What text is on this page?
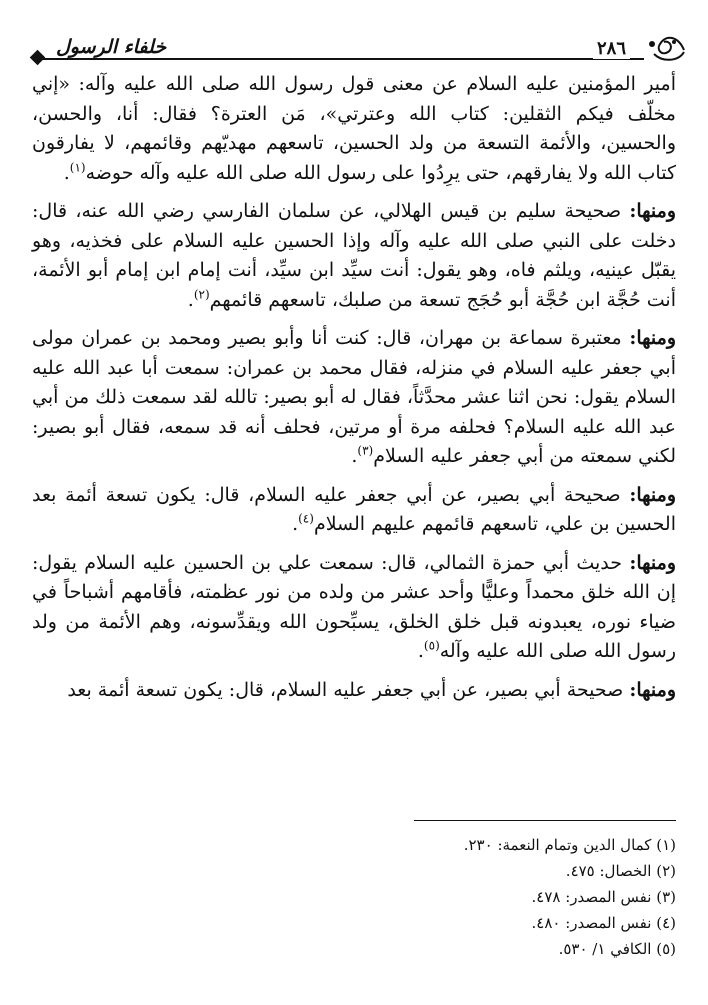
خلفاء الرسول	٢٨٦

أمير المؤمنين عليه السلام عن معنى قول رسول الله صلى الله عليه وآله: «إني مخلّف فيكم الثقلين: كتاب الله وعترتي»، مَن العترة؟ فقال: أنا، والحسن، والحسين، والأئمة التسعة من ولد الحسين، تاسعهم مهديّهم وقائمهم، لا يفارقون كتاب الله ولا يفارقهم، حتى يرِدُوا على رسول الله صلى الله عليه وآله حوضه$^{(١)}$.

ومنها: صحيحة سليم بن قيس الهلالي، عن سلمان الفارسي رضي الله عنه، قال: دخلت على النبي صلى الله عليه وآله وإذا الحسين عليه السلام على فخذيه، وهو يقبّل عينيه، ويلثم فاه، وهو يقول: أنت سيِّد ابن سيِّد، أنت إمام ابن إمام أبو الأئمة، أنت حُجَّة ابن حُجَّة أبو حُجَج تسعة من صلبك، تاسعهم قائمهم$^{(٢)}$.

ومنها: معتبرة سماعة بن مهران، قال: كنت أنا وأبو بصير ومحمد بن عمران مولى أبي جعفر عليه السلام في منزله، فقال محمد بن عمران: سمعت أبا عبد الله عليه السلام يقول: نحن اثنا عشر محدَّثاً، فقال له أبو بصير: تالله لقد سمعت ذلك من أبي عبد الله عليه السلام؟ فحلفه مرة أو مرتين، فحلف أنه قد سمعه، فقال أبو بصير: لكني سمعته من أبي جعفر عليه السلام$^{(٣)}$.

ومنها: صحيحة أبي بصير، عن أبي جعفر عليه السلام، قال: يكون تسعة أئمة بعد الحسين بن علي، تاسعهم قائمهم عليهم السلام$^{(٤)}$.

ومنها: حديث أبي حمزة الثمالي، قال: سمعت علي بن الحسين عليه السلام يقول: إن الله خلق محمداً وعليًّا وأحد عشر من ولده من نور عظمته، فأقامهم أشباحاً في ضياء نوره، يعبدونه قبل خلق الخلق، يسبِّحون الله ويقدِّسونه، وهم الأئمة من ولد رسول الله صلى الله عليه وآله$^{(٥)}$.

ومنها: صحيحة أبي بصير، عن أبي جعفر عليه السلام، قال: يكون تسعة أئمة بعد

(١) كمال الدين وتمام النعمة: ٢٣٠.
(٢) الخصال: ٤٧٥.
(٣) نفس المصدر: ٤٧٨.
(٤) نفس المصدر: ٤٨٠.
(٥) الكافي ١/ ٥٣٠.
